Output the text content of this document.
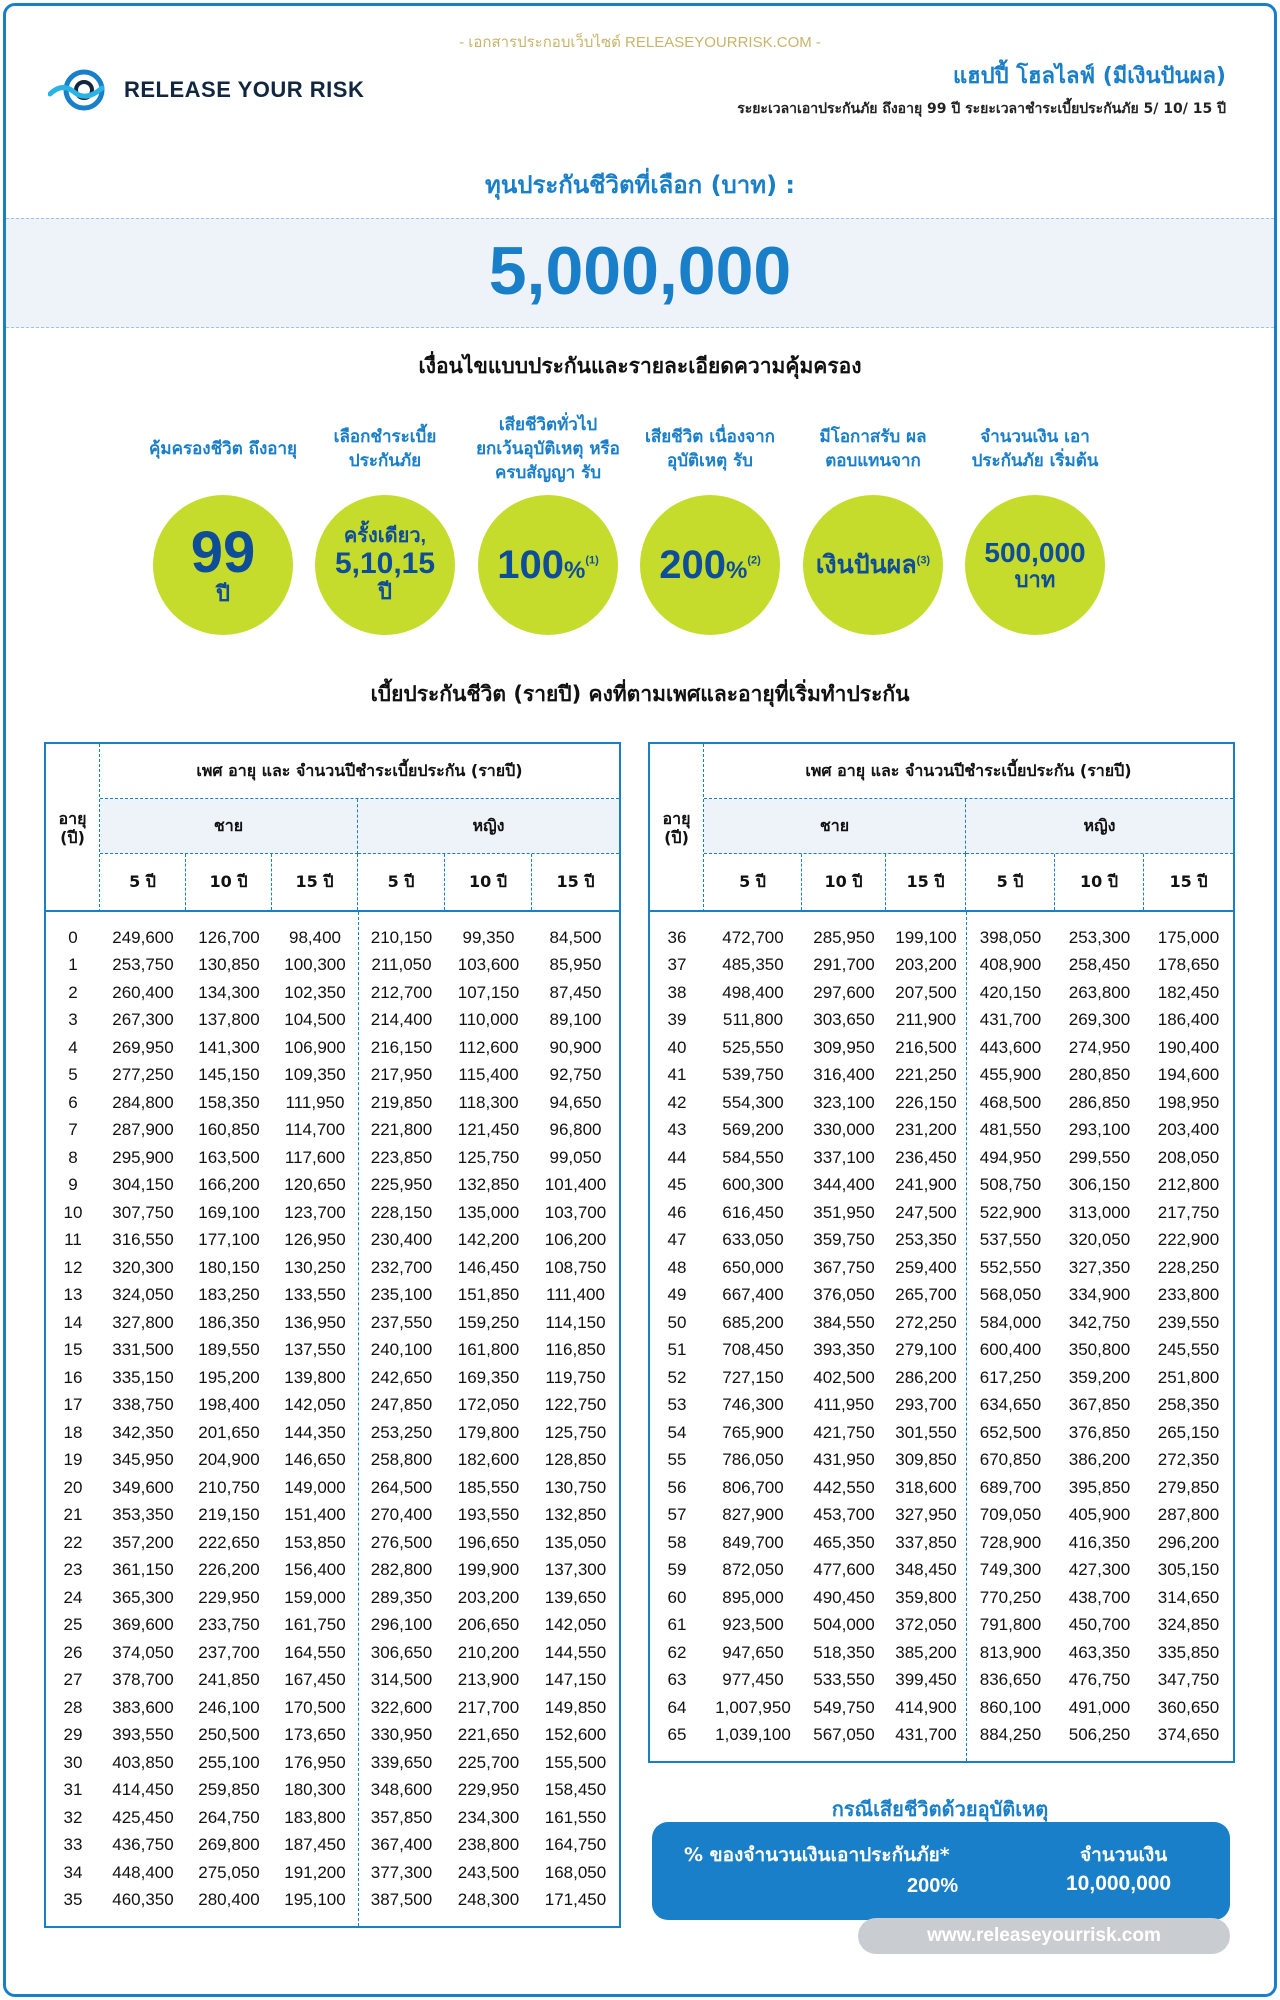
- เอกสารประกอบเว็บไซต์ RELEASEYOURRISK.COM -
RELEASE YOUR RISK
แฮปปี้ โฮลไลฟ์ (มีเงินปันผล)
ระยะเวลาเอาประกันภัย ถึงอายุ 99 ปี ระยะเวลาชำระเบี้ยประกันภัย 5/ 10/ 15 ปี
ทุนประกันชีวิตที่เลือก (บาท) :
5,000,000
เงื่อนไขแบบประกันและรายละเอียดความคุ้มครอง
คุ้มครองชีวิต ถึงอายุ
99
ปี
เลือกชำระเบี้ย ประกันภัย
ครั้งเดียว,
5,10,15
ปี
เสียชีวิตทั่วไป ยกเว้นอุบัติเหตุ หรือ ครบสัญญา รับ
100%$^{(1)}$
เสียชีวิต เนื่องจาก อุบัติเหตุ รับ
200%$^{(2)}$
มีโอกาสรับ ผลตอบแทนจาก
เงินปันผล$^{(3)}$
จำนวนเงิน เอาประกันภัย เริ่มต้น
500,000
บาท
เบี้ยประกันชีวิต (รายปี) คงที่ตามเพศและอายุที่เริ่มทำประกัน
อายุ (ปี)
เพศ อายุ และ จำนวนปีชำระเบี้ยประกัน (รายปี)
ชาย	หญิง
5 ปี	10 ปี	15 ปี	5 ปี	10 ปี	15 ปี
0	249,600	126,700	98,400	210,150	99,350	84,500
1	253,750	130,850	100,300	211,050	103,600	85,950
2	260,400	134,300	102,350	212,700	107,150	87,450
3	267,300	137,800	104,500	214,400	110,000	89,100
4	269,950	141,300	106,900	216,150	112,600	90,900
5	277,250	145,150	109,350	217,950	115,400	92,750
6	284,800	158,350	111,950	219,850	118,300	94,650
7	287,900	160,850	114,700	221,800	121,450	96,800
8	295,900	163,500	117,600	223,850	125,750	99,050
9	304,150	166,200	120,650	225,950	132,850	101,400
10	307,750	169,100	123,700	228,150	135,000	103,700
11	316,550	177,100	126,950	230,400	142,200	106,200
12	320,300	180,150	130,250	232,700	146,450	108,750
13	324,050	183,250	133,550	235,100	151,850	111,400
14	327,800	186,350	136,950	237,550	159,250	114,150
15	331,500	189,550	137,550	240,100	161,800	116,850
16	335,150	195,200	139,800	242,650	169,350	119,750
17	338,750	198,400	142,050	247,850	172,050	122,750
18	342,350	201,650	144,350	253,250	179,800	125,750
19	345,950	204,900	146,650	258,800	182,600	128,850
20	349,600	210,750	149,000	264,500	185,550	130,750
21	353,350	219,150	151,400	270,400	193,550	132,850
22	357,200	222,650	153,850	276,500	196,650	135,050
23	361,150	226,200	156,400	282,800	199,900	137,300
24	365,300	229,950	159,000	289,350	203,200	139,650
25	369,600	233,750	161,750	296,100	206,650	142,050
26	374,050	237,700	164,550	306,650	210,200	144,550
27	378,700	241,850	167,450	314,500	213,900	147,150
28	383,600	246,100	170,500	322,600	217,700	149,850
29	393,550	250,500	173,650	330,950	221,650	152,600
30	403,850	255,100	176,950	339,650	225,700	155,500
31	414,450	259,850	180,300	348,600	229,950	158,450
32	425,450	264,750	183,800	357,850	234,300	161,550
33	436,750	269,800	187,450	367,400	238,800	164,750
34	448,400	275,050	191,200	377,300	243,500	168,050
35	460,350	280,400	195,100	387,500	248,300	171,450
อายุ (ปี)
เพศ อายุ และ จำนวนปีชำระเบี้ยประกัน (รายปี)
ชาย	หญิง
5 ปี	10 ปี	15 ปี	5 ปี	10 ปี	15 ปี
36	472,700	285,950	199,100	398,050	253,300	175,000
37	485,350	291,700	203,200	408,900	258,450	178,650
38	498,400	297,600	207,500	420,150	263,800	182,450
39	511,800	303,650	211,900	431,700	269,300	186,400
40	525,550	309,950	216,500	443,600	274,950	190,400
41	539,750	316,400	221,250	455,900	280,850	194,600
42	554,300	323,100	226,150	468,500	286,850	198,950
43	569,200	330,000	231,200	481,550	293,100	203,400
44	584,550	337,100	236,450	494,950	299,550	208,050
45	600,300	344,400	241,900	508,750	306,150	212,800
46	616,450	351,950	247,500	522,900	313,000	217,750
47	633,050	359,750	253,350	537,550	320,050	222,900
48	650,000	367,750	259,400	552,550	327,350	228,250
49	667,400	376,050	265,700	568,050	334,900	233,800
50	685,200	384,550	272,250	584,000	342,750	239,550
51	708,450	393,350	279,100	600,400	350,800	245,550
52	727,150	402,500	286,200	617,250	359,200	251,800
53	746,300	411,950	293,700	634,650	367,850	258,350
54	765,900	421,750	301,550	652,500	376,850	265,150
55	786,050	431,950	309,850	670,850	386,200	272,350
56	806,700	442,550	318,600	689,700	395,850	279,850
57	827,900	453,700	327,950	709,050	405,900	287,800
58	849,700	465,350	337,850	728,900	416,350	296,200
59	872,050	477,600	348,450	749,300	427,300	305,150
60	895,000	490,450	359,800	770,250	438,700	314,650
61	923,500	504,000	372,050	791,800	450,700	324,850
62	947,650	518,350	385,200	813,900	463,350	335,850
63	977,450	533,550	399,450	836,650	476,750	347,750
64	1,007,950	549,750	414,900	860,100	491,000	360,650
65	1,039,100	567,050	431,700	884,250	506,250	374,650
กรณีเสียชีวิตด้วยอุบัติเหตุ
% ของจำนวนเงินเอาประกันภัย*
200%
จำนวนเงิน
10,000,000
www.releaseyourrisk.com
